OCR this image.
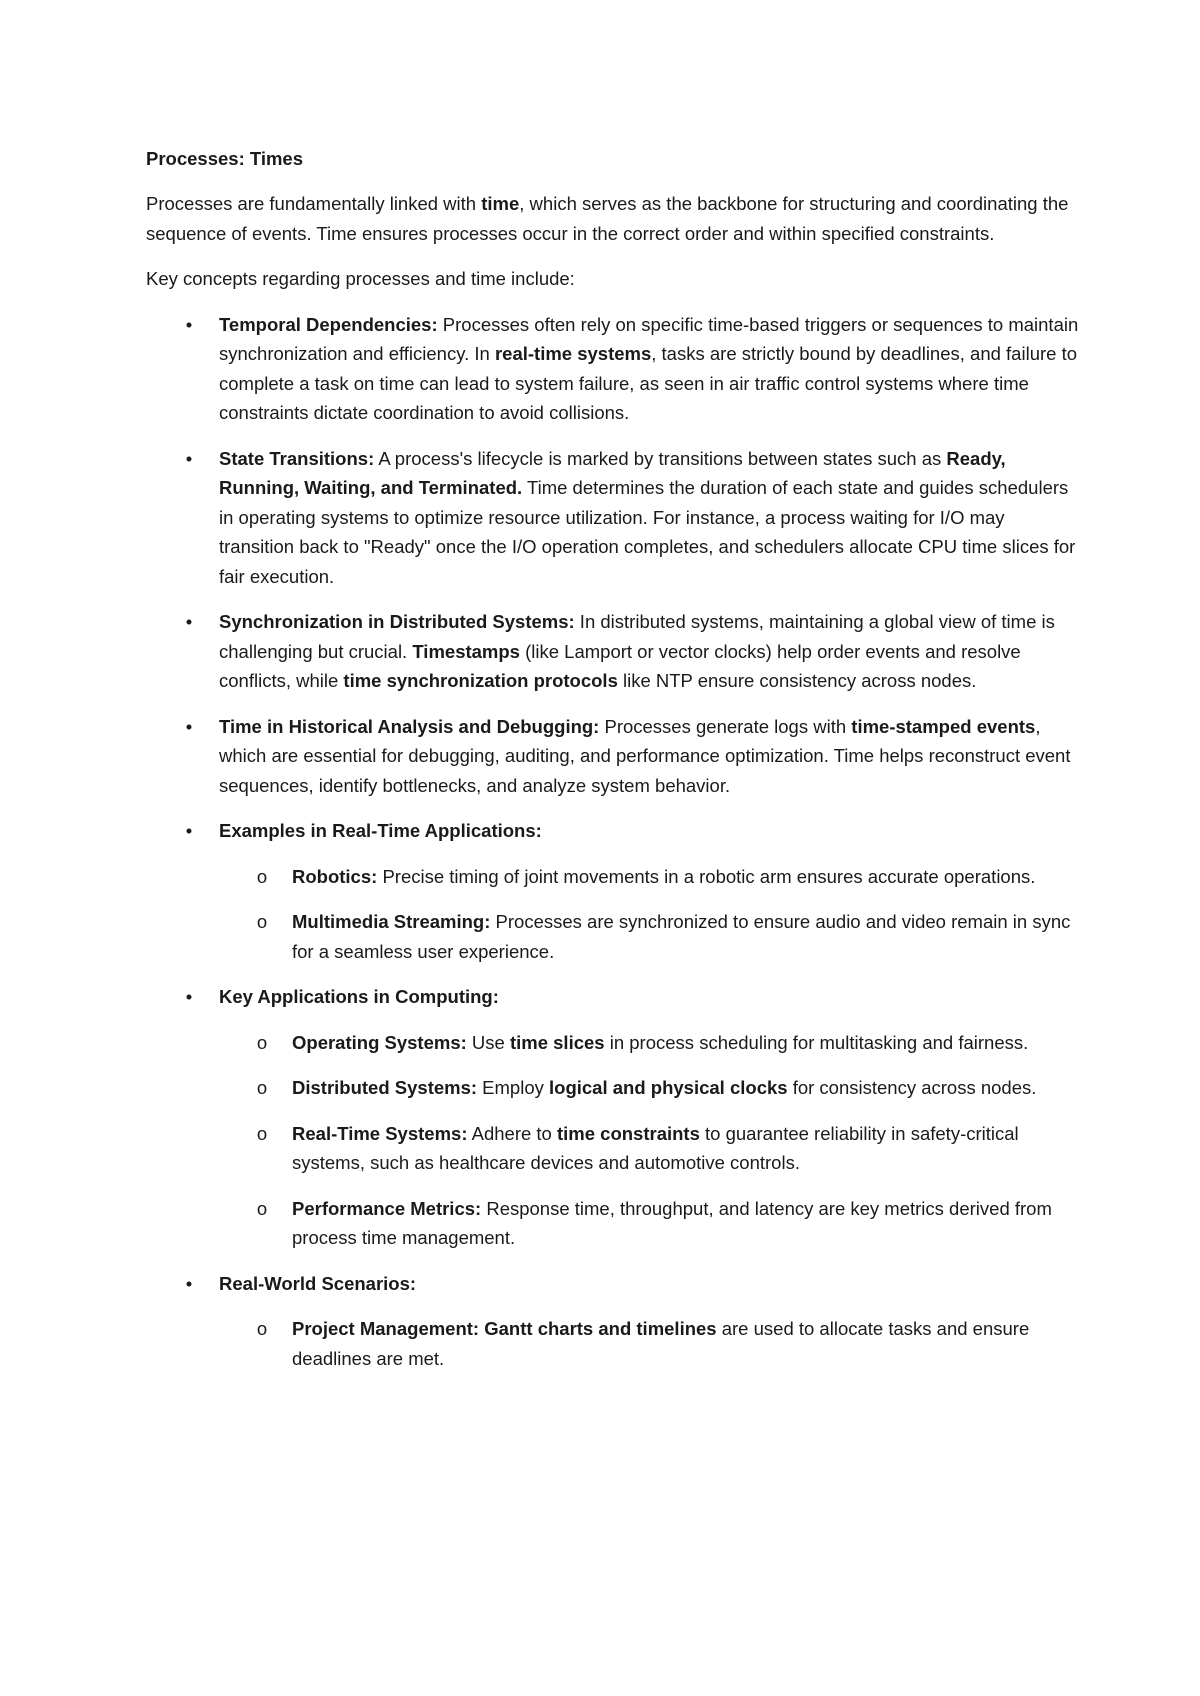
Processes: Times

Processes are fundamentally linked with time, which serves as the backbone for structuring and coordinating the sequence of events. Time ensures processes occur in the correct order and within specified constraints.

Key concepts regarding processes and time include:

• Temporal Dependencies: Processes often rely on specific time-based triggers or sequences to maintain synchronization and efficiency. In real-time systems, tasks are strictly bound by deadlines, and failure to complete a task on time can lead to system failure, as seen in air traffic control systems where time constraints dictate coordination to avoid collisions.
• State Transitions: A process's lifecycle is marked by transitions between states such as Ready, Running, Waiting, and Terminated. Time determines the duration of each state and guides schedulers in operating systems to optimize resource utilization. For instance, a process waiting for I/O may transition back to "Ready" once the I/O operation completes, and schedulers allocate CPU time slices for fair execution.
• Synchronization in Distributed Systems: In distributed systems, maintaining a global view of time is challenging but crucial. Timestamps (like Lamport or vector clocks) help order events and resolve conflicts, while time synchronization protocols like NTP ensure consistency across nodes.
• Time in Historical Analysis and Debugging: Processes generate logs with time-stamped events, which are essential for debugging, auditing, and performance optimization. Time helps reconstruct event sequences, identify bottlenecks, and analyze system behavior.
• Examples in Real-Time Applications:
o Robotics: Precise timing of joint movements in a robotic arm ensures accurate operations.
o Multimedia Streaming: Processes are synchronized to ensure audio and video remain in sync for a seamless user experience.
• Key Applications in Computing:
o Operating Systems: Use time slices in process scheduling for multitasking and fairness.
o Distributed Systems: Employ logical and physical clocks for consistency across nodes.
o Real-Time Systems: Adhere to time constraints to guarantee reliability in safety-critical systems, such as healthcare devices and automotive controls.
o Performance Metrics: Response time, throughput, and latency are key metrics derived from process time management.
• Real-World Scenarios:
o Project Management: Gantt charts and timelines are used to allocate tasks and ensure deadlines are met.
